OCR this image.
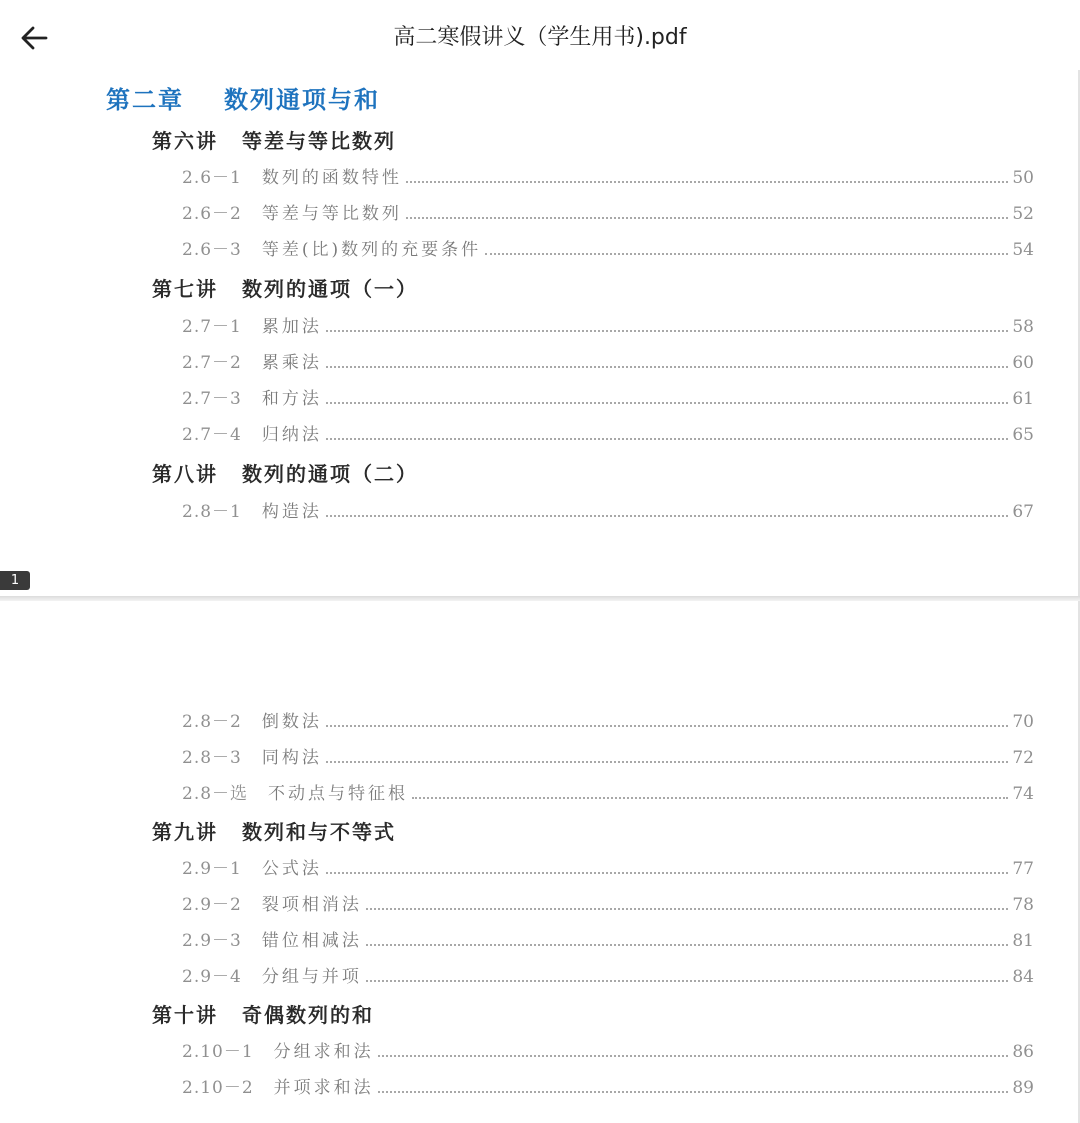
高二寒假讲义（学生用书).pdf
第二章 数列通项与和
第六讲 等差与等比数列
2.6－1 数列的函数特性	50
2.6－2 等差与等比数列	52
2.6－3 等差(比)数列的充要条件	54
第七讲 数列的通项（一）
2.7－1 累加法	58
2.7－2 累乘法	60
2.7－3 和方法	61
2.7－4 归纳法	65
第八讲 数列的通项（二）
2.8－1 构造法	67
1
2.8－2 倒数法	70
2.8－3 同构法	72
2.8－选 不动点与特征根	74
第九讲 数列和与不等式
2.9－1 公式法	77
2.9－2 裂项相消法	78
2.9－3 错位相减法	81
2.9－4 分组与并项	84
第十讲 奇偶数列的和
2.10－1 分组求和法	86
2.10－2 并项求和法	89
